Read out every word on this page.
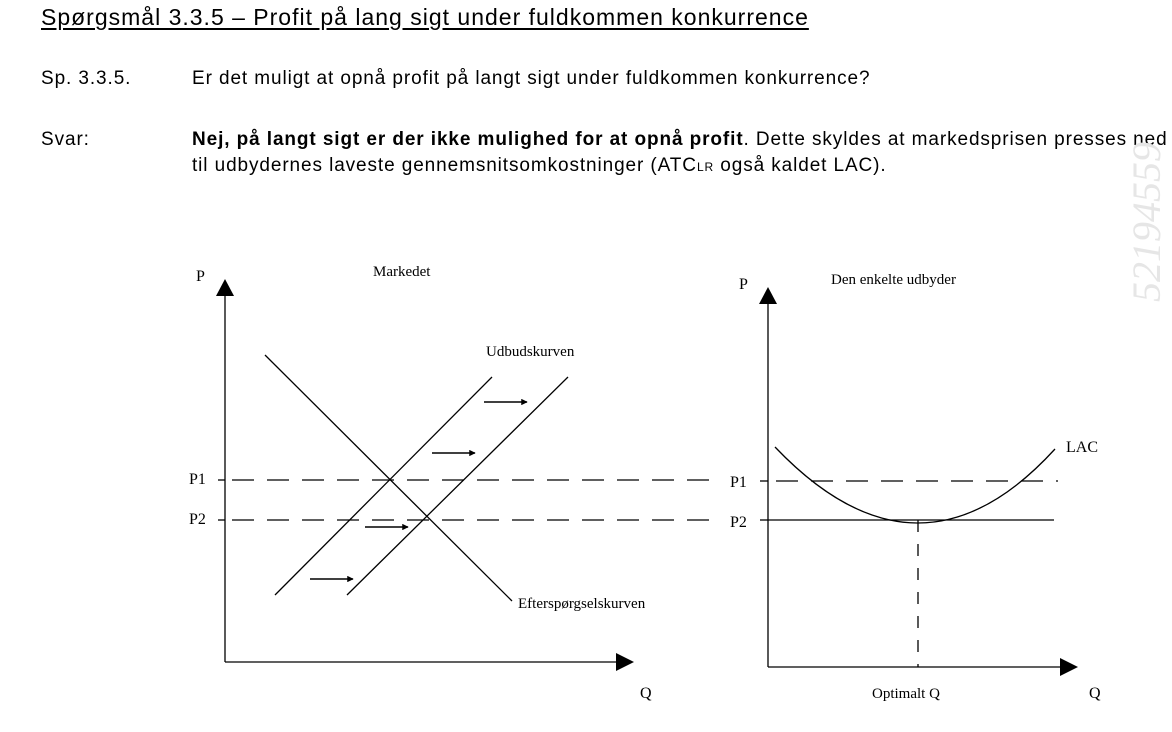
Spørgsmål 3.3.5 – Profit på lang sigt under fuldkommen konkurrence
Sp. 3.3.5.	Er det muligt at opnå profit på langt sigt under fuldkommen konkurrence?
Svar:	Nej, på langt sigt er der ikke mulighed for at opnå profit. Dette skyldes at markedsprisen presses ned til udbydernes laveste gennemsnitsomkostninger (ATCLR også kaldet LAC).	52194559
P
Q
Markedet
P1
P2
Efterspørgselskurven
Udbudskurven
P
Q
Den enkelte udbyder
P1
P2
LAC
Optimalt Q
